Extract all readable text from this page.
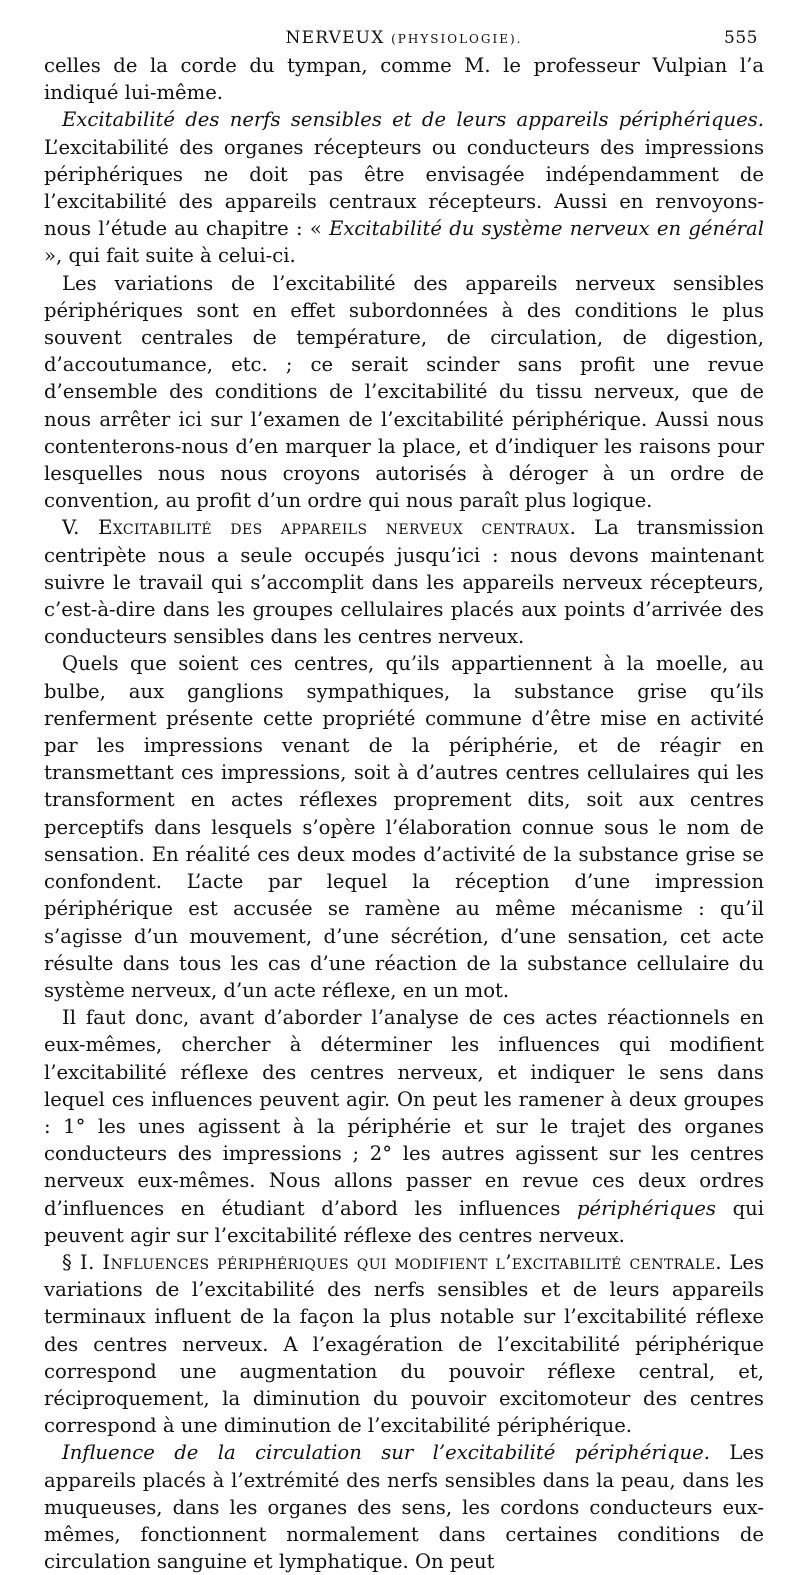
NERVEUX (PHYSIOLOGIE).	555

celles de la corde du tympan, comme M. le professeur Vulpian l’a indiqué lui-même.

Excitabilité des nerfs sensibles et de leurs appareils périphériques. L’excitabilité des organes récepteurs ou conducteurs des impressions périphériques ne doit pas être envisagée indépendamment de l’excitabilité des appareils centraux récepteurs. Aussi en renvoyons-nous l’étude au chapitre : « Excitabilité du système nerveux en général », qui fait suite à celui-ci.

Les variations de l’excitabilité des appareils nerveux sensibles périphériques sont en effet subordonnées à des conditions le plus souvent centrales de température, de circulation, de digestion, d’accoutumance, etc. ; ce serait scinder sans profit une revue d’ensemble des conditions de l’excitabilité du tissu nerveux, que de nous arrêter ici sur l’examen de l’excitabilité périphérique. Aussi nous contenterons-nous d’en marquer la place, et d’indiquer les raisons pour lesquelles nous nous croyons autorisés à déroger à un ordre de convention, au profit d’un ordre qui nous paraît plus logique.

V. Excitabilité des appareils nerveux centraux. La transmission centripète nous a seule occupés jusqu’ici : nous devons maintenant suivre le travail qui s’accomplit dans les appareils nerveux récepteurs, c’est-à-dire dans les groupes cellulaires placés aux points d’arrivée des conducteurs sensibles dans les centres nerveux.

Quels que soient ces centres, qu’ils appartiennent à la moelle, au bulbe, aux ganglions sympathiques, la substance grise qu’ils renferment présente cette propriété commune d’être mise en activité par les impressions venant de la périphérie, et de réagir en transmettant ces impressions, soit à d’autres centres cellulaires qui les transforment en actes réflexes proprement dits, soit aux centres perceptifs dans lesquels s’opère l’élaboration connue sous le nom de sensation. En réalité ces deux modes d’activité de la substance grise se confondent. L’acte par lequel la réception d’une impression périphérique est accusée se ramène au même mécanisme : qu’il s’agisse d’un mouvement, d’une sécrétion, d’une sensation, cet acte résulte dans tous les cas d’une réaction de la substance cellulaire du système nerveux, d’un acte réflexe, en un mot.

Il faut donc, avant d’aborder l’analyse de ces actes réactionnels en eux-mêmes, chercher à déterminer les influences qui modifient l’excitabilité réflexe des centres nerveux, et indiquer le sens dans lequel ces influences peuvent agir. On peut les ramener à deux groupes : 1° les unes agissent à la périphérie et sur le trajet des organes conducteurs des impressions ; 2° les autres agissent sur les centres nerveux eux-mêmes. Nous allons passer en revue ces deux ordres d’influences en étudiant d’abord les influences périphériques qui peuvent agir sur l’excitabilité réflexe des centres nerveux.

§ I. Influences périphériques qui modifient l’excitabilité centrale. Les variations de l’excitabilité des nerfs sensibles et de leurs appareils terminaux influent de la façon la plus notable sur l’excitabilité réflexe des centres nerveux. A l’exagération de l’excitabilité périphérique correspond une augmentation du pouvoir réflexe central, et, réciproquement, la diminution du pouvoir excitomoteur des centres correspond à une diminution de l’excitabilité périphérique.

Influence de la circulation sur l’excitabilité périphérique. Les appareils placés à l’extrémité des nerfs sensibles dans la peau, dans les muqueuses, dans les organes des sens, les cordons conducteurs eux-mêmes, fonctionnent normalement dans certaines conditions de circulation sanguine et lymphatique. On peut
